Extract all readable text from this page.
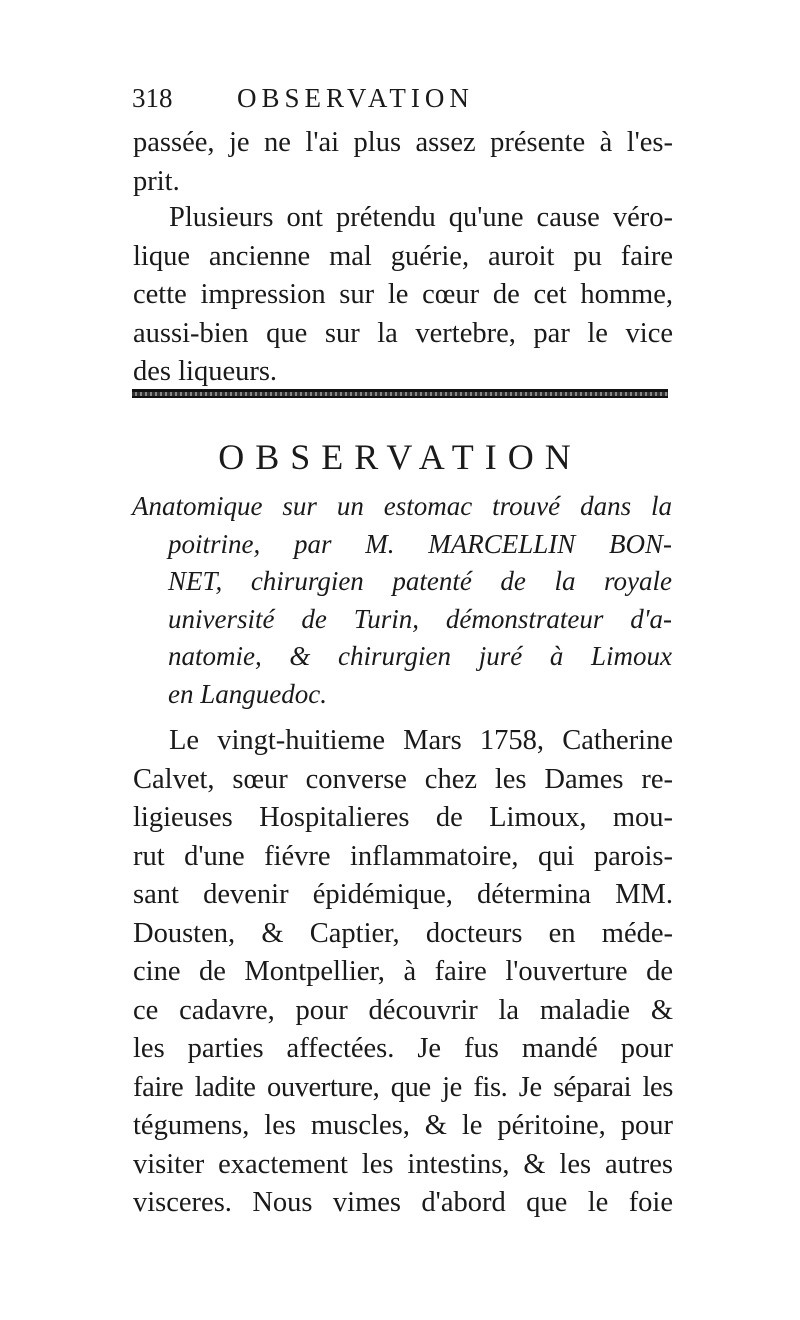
318 OBSERVATION

passée, je ne l'ai plus assez présente à l'es-
prit.

Plusieurs ont prétendu qu'une cause véro-
lique ancienne mal guérie, auroit pu faire
cette impression sur le cœur de cet homme,
aussi-bien que sur la vertebre, par le vice
des liqueurs.

OBSERVATION

Anatomique sur un estomac trouvé dans la
poitrine, par M. MARCELLIN BON-
NET, chirurgien patenté de la royale
université de Turin, démonstrateur d'a-
natomie, & chirurgien juré à Limoux
en Languedoc.

Le vingt-huitieme Mars 1758, Catherine
Calvet, sœur converse chez les Dames re-
ligieuses Hospitalieres de Limoux, mou-
rut d'une fiévre inflammatoire, qui parois-
sant devenir épidémique, détermina MM.
Dousten, & Captier, docteurs en méde-
cine de Montpellier, à faire l'ouverture de
ce cadavre, pour découvrir la maladie &
les parties affectées. Je fus mandé pour
faire ladite ouverture, que je fis. Je séparai les
tégumens, les muscles, & le péritoine, pour
visiter exactement les intestins, & les autres
visceres. Nous vimes d'abord que le foie
